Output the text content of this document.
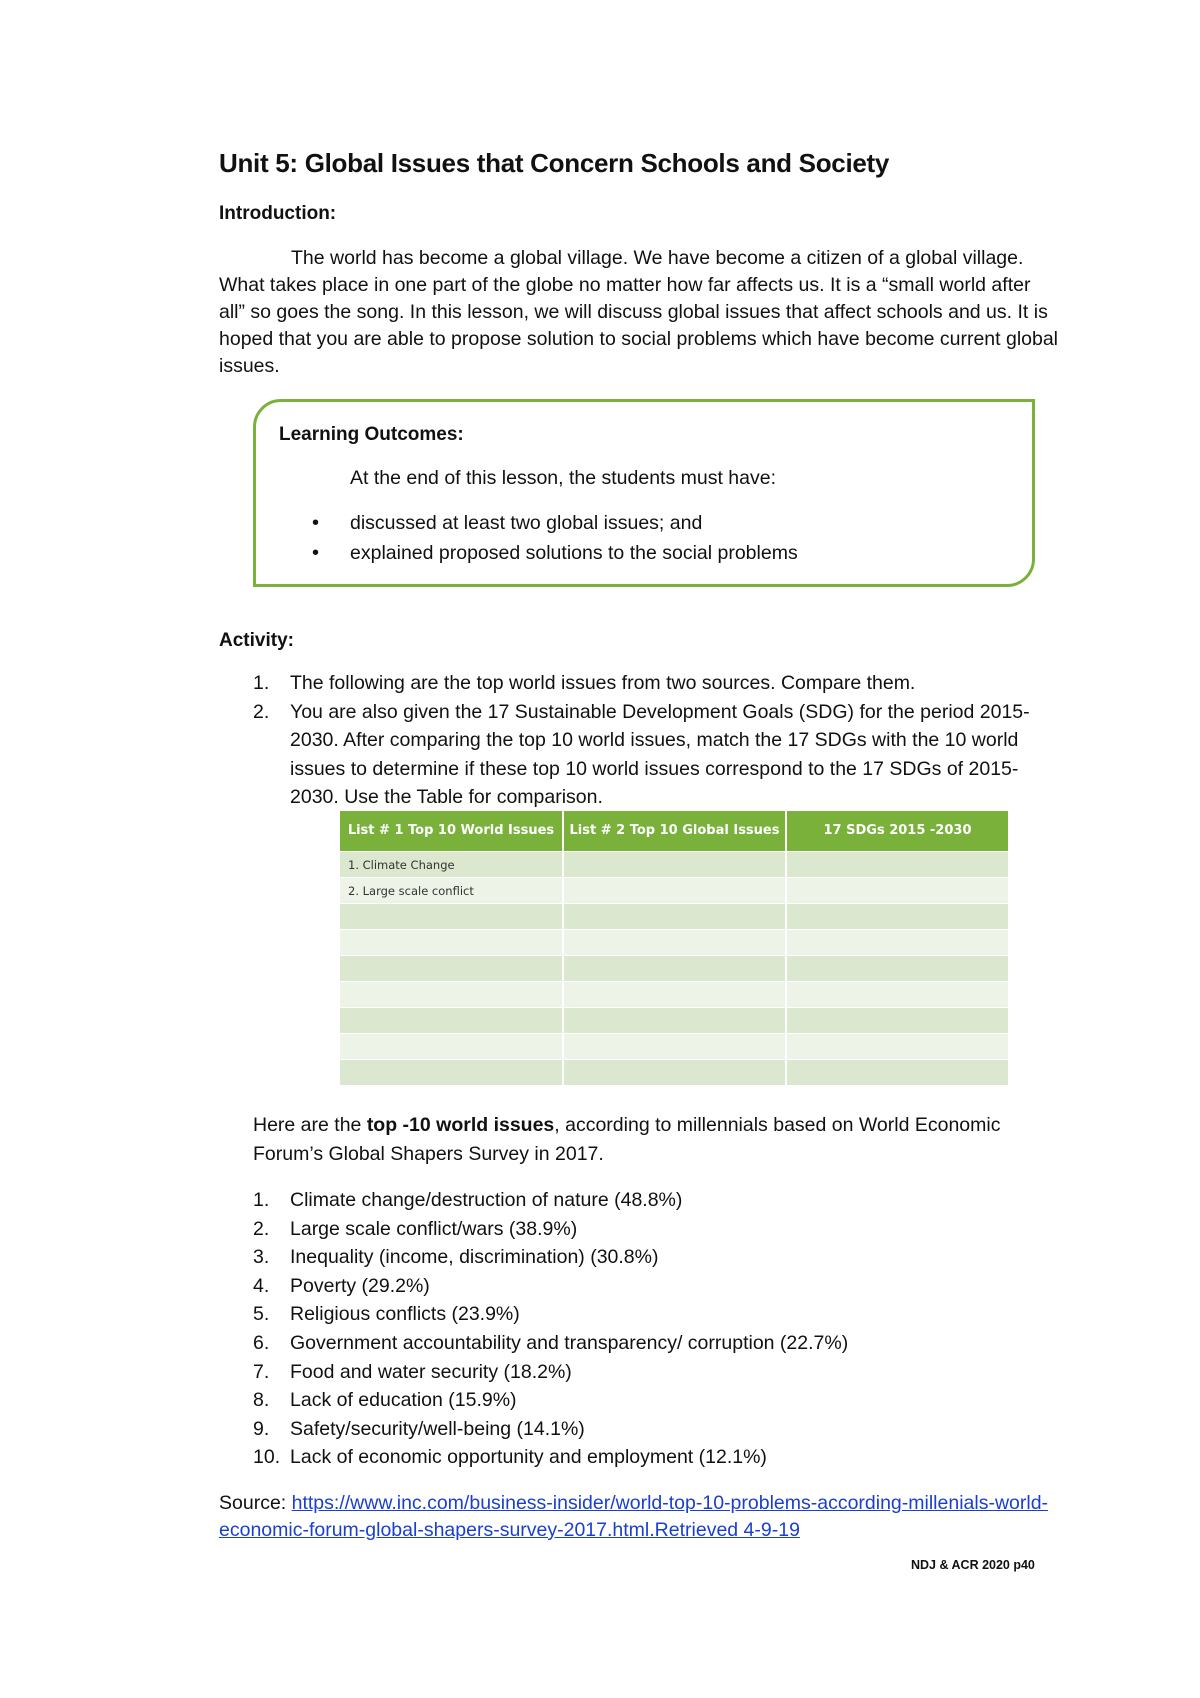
Unit 5: Global Issues that Concern Schools and Society
Introduction:

The world has become a global village. We have become a citizen of a global village. What takes place in one part of the globe no matter how far affects us. It is a “small world after all” so goes the song. In this lesson, we will discuss global issues that affect schools and us. It is hoped that you are able to propose solution to social problems which have become current global issues.

Learning Outcomes:
At the end of this lesson, the students must have:
• discussed at least two global issues; and
• explained proposed solutions to the social problems
Activity:
1. The following are the top world issues from two sources. Compare them.
2. You are also given the 17 Sustainable Development Goals (SDG) for the period 2015-2030. After comparing the top 10 world issues, match the 17 SDGs with the 10 world issues to determine if these top 10 world issues correspond to the 17 SDGs of 2015-2030. Use the Table for comparison.
List # 1 Top 10 World Issues	List # 2 Top 10 Global Issues	17 SDGs 2015 -2030
1. Climate Change		
2. Large scale conflict		

Here are the top -10 world issues, according to millennials based on World Economic Forum’s Global Shapers Survey in 2017.

1. Climate change/destruction of nature (48.8%)
2. Large scale conflict/wars (38.9%)
3. Inequality (income, discrimination) (30.8%)
4. Poverty (29.2%)
5. Religious conflicts (23.9%)
6. Government accountability and transparency/ corruption (22.7%)
7. Food and water security (18.2%)
8. Lack of education (15.9%)
9. Safety/security/well-being (14.1%)
10. Lack of economic opportunity and employment (12.1%)
Source: https://www.inc.com/business-insider/world-top-10-problems-according-millenials-world-economic-forum-global-shapers-survey-2017.html.Retrieved 4-9-19
NDJ & ACR 2020 p40
